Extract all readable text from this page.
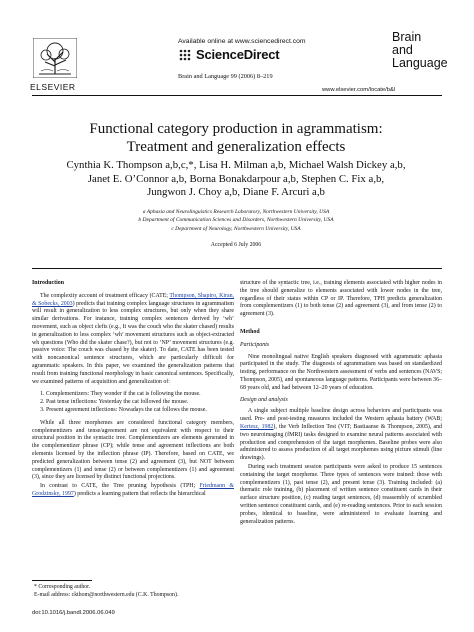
ELSEVIER
Available online at www.sciencedirect.com
ScienceDirect
Brain and Language 99 (2006) 8–219
Brain
and
Language
www.elsevier.com/locate/b&l
Functional category production in agrammatism:
Treatment and generalization effects
Cynthia K. Thompson a,b,c,*, Lisa H. Milman a,b, Michael Walsh Dickey a,b,
Janet E. O’Connor a,b, Borna Bonakdarpour a,b, Stephen C. Fix a,b,
Jungwon J. Choy a,b, Diane F. Arcuri a,b
a Aphasia and Neurolinguistics Research Laboratory, Northwestern University, USA
b Department of Communication Sciences and Disorders, Northwestern University, USA
c Department of Neurology, Northwestern University, USA
Accepted 6 July 2006
Introduction

The complexity account of treatment efficacy (CATE; Thompson, Shapiro, Kiran, & Sobecks, 2003) predicts that training complex language structures in agrammatism will result in generalization to less complex structures, but only when they share similar derivations. For instance, training complex sentences derived by ‘wh’ movement, such as object clefts (e.g., It was the couch who the skater chased) results in generalization to less complex ‘wh’ movement structures such as object-extracted wh questions (Who did the skater chase?), but not to ‘NP’ movement structures (e.g. passive voice: The couch was chased by the skater). To date, CATE has been tested with noncanonical sentence structures, which are particularly difficult for agrammatic speakers. In this paper, we examined the generalization patterns that result from training functional morphology in basic canonical sentences. Specifically, we examined patterns of acquisition and generalization of:

1. Complementizers: They wonder if the cat is following the mouse.
2. Past tense inflections: Yesterday the cat followed the mouse.
3. Present agreement inflections: Nowadays the cat follows the mouse.

While all three morphemes are considered functional category members, complementizers and tense/agreement are not equivalent with respect to their structural position in the syntactic tree. Complementizers are elements generated in the complementizer phrase (CP); while tense and agreement inflections are both elements licensed by the inflection phrase (IP). Therefore, based on CATE, we predicted generalization between tense (2) and agreement (3), but NOT between complementizers (1) and tense (2) or between complementizers (1) and agreement (3), since they are licensed by distinct functional projections.

In contrast to CATE, the Tree pruning hypothesis (TPH; Friedmann & Grodzinsky, 1997) predicts a learning pattern that reflects the hierarchical

* Corresponding author.
E-mail address: ckthom@northwestern.edu (C.K. Thompson).
doi:10.1016/j.bandl.2006.06.049

structure of the syntactic tree, i.e., training elements associated with higher nodes in the tree should generalize to elements associated with lower nodes in the tree, regardless of their status within CP or IP. Therefore, TPH predicts generalization from complementizers (1) to both tense (2) and agreement (3), and from tense (2) to agreement (3).

Method
Participants

Nine monolingual native English speakers diagnosed with agrammatic aphasia participated in the study. The diagnosis of agrammatism was based on standardized testing, performance on the Northwestern assessment of verbs and sentences (NAVS; Thompson, 2005), and spontaneous language patterns. Participants were between 36–68 years old, and had between 12–20 years of education.

Design and analysis

A single subject multiple baseline design across behaviors and participants was used. Pre- and post-testing measures included the Western aphasia battery (WAB; Kertesz, 1982), the Verb Inflection Test (VIT; Bastiaanse & Thompson, 2005), and two neuroimaging (fMRI) tasks designed to examine neural patterns associated with production and comprehension of the target morphemes. Baseline probes were also administered to assess production of all target morphemes using picture stimuli (line drawings).

During each treatment session participants were asked to produce 15 sentences containing the target morpheme. Three types of sentences were trained: those with complementizers (1), past tense (2), and present tense (3). Training included: (a) thematic role training, (b) placement of written sentence constituent cards in their surface structure position, (c) reading target sentences, (d) reassembly of scrambled written sentence constituent cards, and (e) re-reading sentences. Prior to each session probes, identical to baseline, were administered to evaluate learning and generalization patterns.
